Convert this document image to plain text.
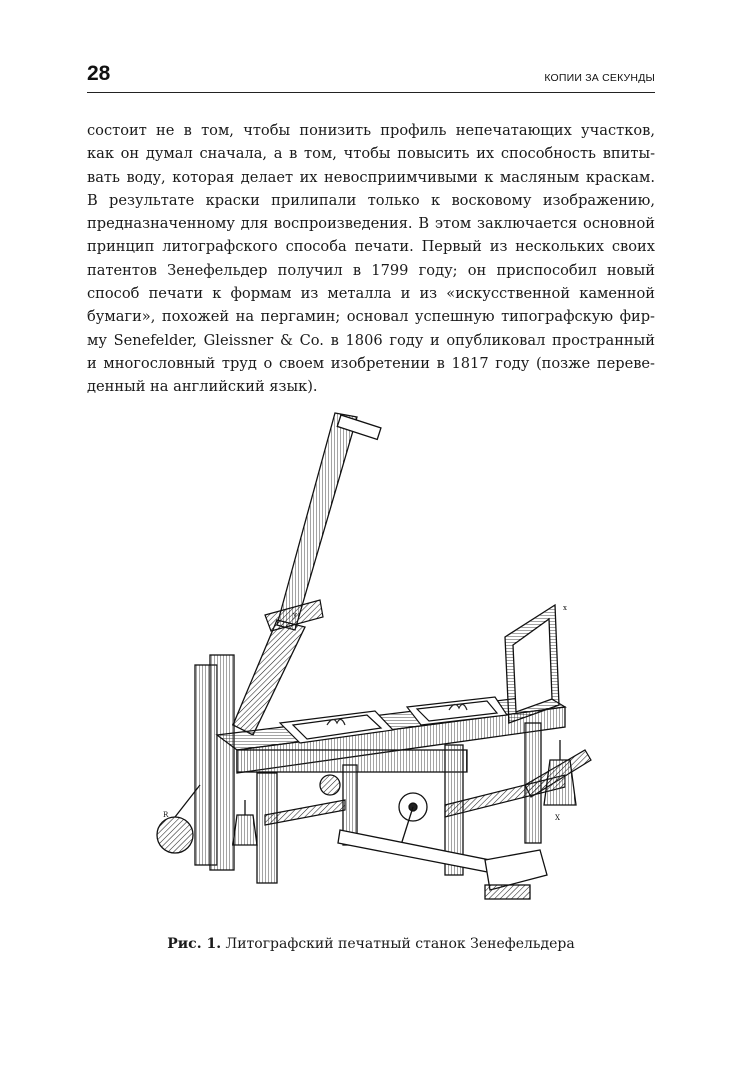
28	КОПИИ ЗА СЕКУНДЫ
состоит не в том, чтобы понизить профиль непечатающих участков,
как он думал сначала, а в том, чтобы повысить их способность впиты-
вать воду, которая делает их невосприимчивыми к масляным краскам.
В результате краски прилипали только к восковому изображению,
предназначенному для воспроизведения. В этом заключается основной
принцип литографского способа печати. Первый из нескольких своих
патентов Зенефельдер получил в 1799 году; он приспособил новый
способ печати к формам из металла и из «искусственной каменной
бумаги», похожей на пергамин; основал успешную типографскую фир-
му Senefelder, Gleissner & Co. в 1806 году и опубликовал пространный
и многословный труд о своем изобретении в 1817 году (позже переве-
денный на английский язык).
R
x
X
y
Рис. 1. Литографский печатный станок Зенефельдера
